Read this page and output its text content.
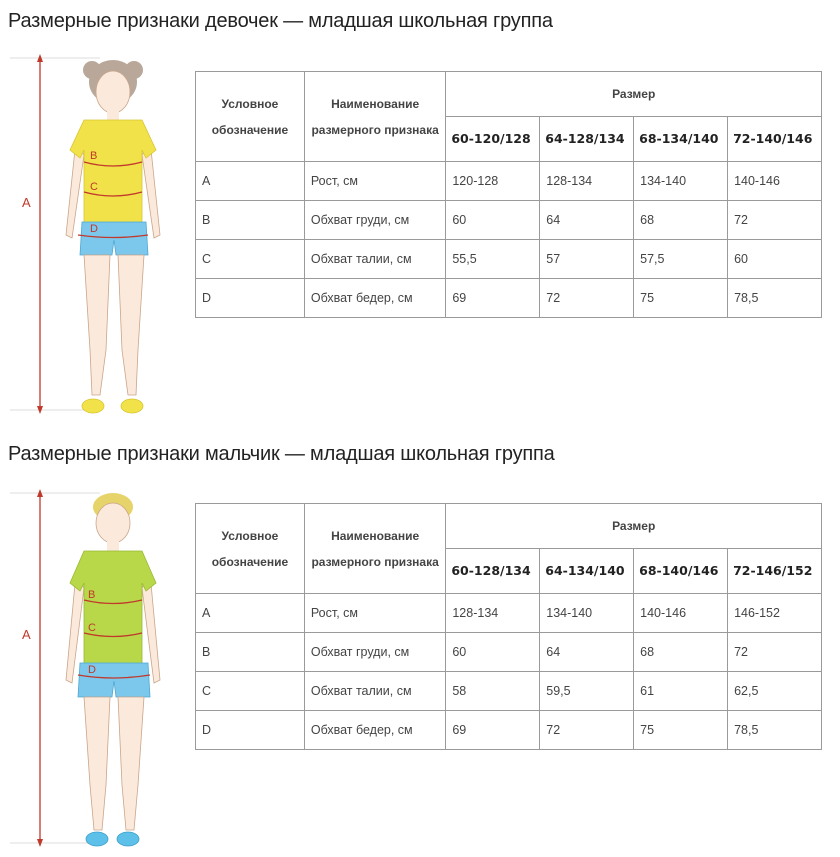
Размерные признаки девочек — младшая школьная группа
A
B
C
D
Условное обозначение	Наименование размерного признака	Размер			
		60-120/128	64-128/134	68-134/140	72-140/146
A	Рост, см	120-128	128-134	134-140	140-146
B	Обхват груди, см	60	64	68	72
C	Обхват талии, см	55,5	57	57,5	60
D	Обхват бедер, см	69	72	75	78,5
Размерные признаки мальчик — младшая школьная группа
A
B
C
D
Условное обозначение	Наименование размерного признака	Размер			
		60-128/134	64-134/140	68-140/146	72-146/152
A	Рост, см	128-134	134-140	140-146	146-152
B	Обхват груди, см	60	64	68	72
C	Обхват талии, см	58	59,5	61	62,5
D	Обхват бедер, см	69	72	75	78,5
